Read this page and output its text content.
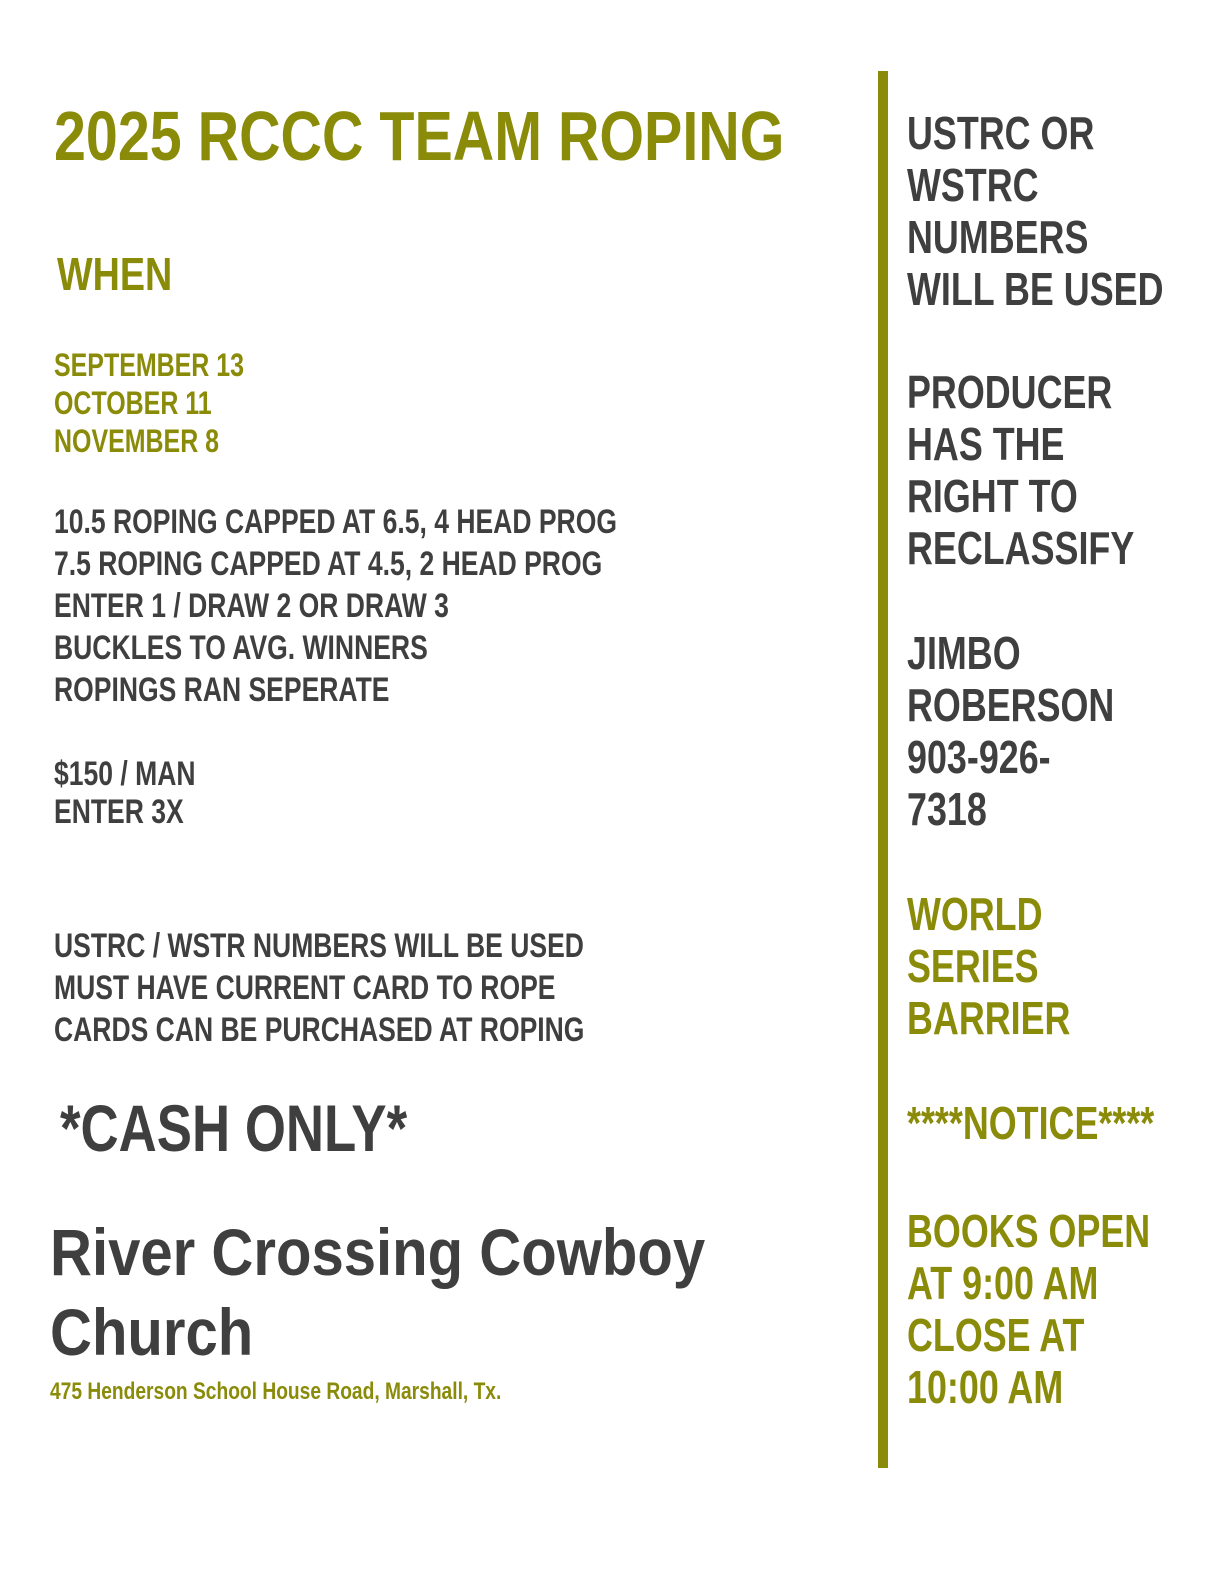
2025 RCCC TEAM ROPING
WHEN
SEPTEMBER 13
OCTOBER 11
NOVEMBER 8
10.5 ROPING CAPPED AT 6.5, 4 HEAD PROG
7.5 ROPING CAPPED AT 4.5, 2 HEAD PROG
ENTER 1 / DRAW 2 OR DRAW 3
BUCKLES TO AVG. WINNERS
ROPINGS RAN SEPERATE
$150 / MAN
ENTER 3X
USTRC / WSTR NUMBERS WILL BE USED
MUST HAVE CURRENT CARD TO ROPE
CARDS CAN BE PURCHASED AT ROPING
*CASH ONLY*
River Crossing Cowboy
Church
475 Henderson School House Road, Marshall, Tx.
USTRC OR
WSTRC
NUMBERS
WILL BE USED
PRODUCER
HAS THE
RIGHT TO
RECLASSIFY
JIMBO
ROBERSON
903-926-
7318
WORLD
SERIES
BARRIER
****NOTICE****
BOOKS OPEN
AT 9:00 AM
CLOSE AT
10:00 AM
